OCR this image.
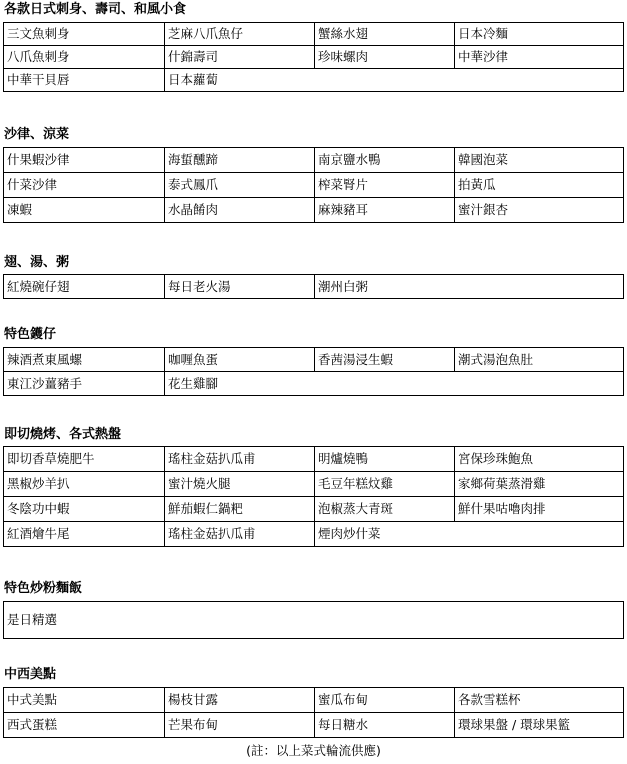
各款日式刺身、壽司、和風小食
三文魚刺身	芝麻八爪魚仔	蟹絲水翅	日本冷麵
八爪魚刺身	什錦壽司	珍味螺肉	中華沙律
中華干貝唇	日本蘿蔔		
沙律、涼菜
什果蝦沙律	海蜇醺蹄	南京鹽水鴨	韓國泡菜
什菜沙律	泰式鳳爪	榨菜腎片	拍黃瓜
凍蝦	水晶餚肉	麻辣豬耳	蜜汁銀杏
翅、湯、粥
紅燒碗仔翅	每日老火湯	潮州白粥
特色鑊仔
辣酒煮東風螺	咖喱魚蛋	香茜湯浸生蝦	潮式湯泡魚肚
東江沙薑豬手	花生雞腳		
即切燒烤、各式熱盤
即切香草燒肥牛	瑤柱金菇扒瓜甫	明爐燒鴨	宮保珍珠鮑魚
黑椒炒羊扒	蜜汁燒火腿	毛豆年糕炆雞	家鄉荷葉蒸滑雞
冬陰功中蝦	鮮茄蝦仁鍋粑	泡椒蒸大青斑	鮮什果咕嚕肉排
紅酒燴牛尾	瑤柱金菇扒瓜甫	煙肉炒什菜	
特色炒粉麵飯
是日精選
中西美點
中式美點	楊枝甘露	蜜瓜布甸	各款雪糕杯
西式蛋糕	芒果布甸	每日糖水	環球果盤 / 環球果籃
(註：以上菜式輪流供應)
